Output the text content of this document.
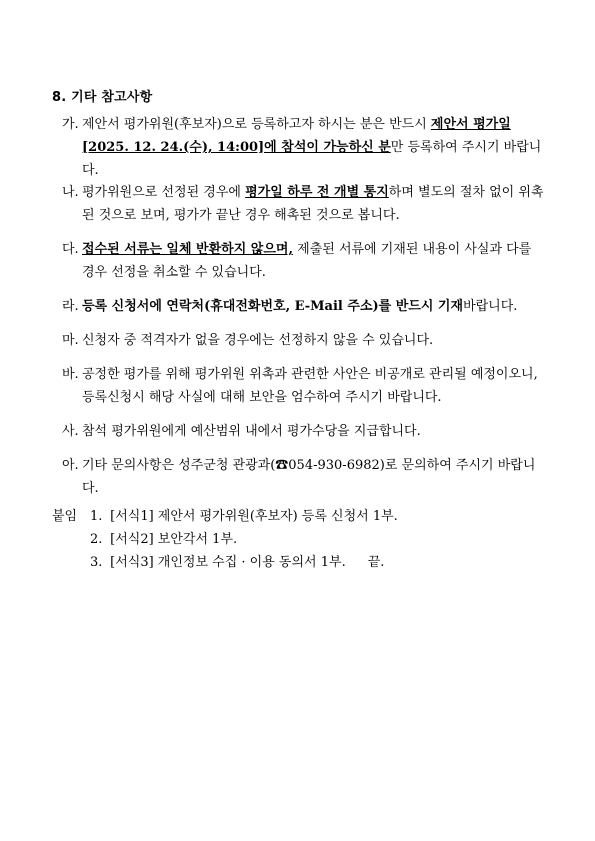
8. 기타 참고사항
가. 제안서 평가위원(후보자)으로 등록하고자 하시는 분은 반드시 제안서 평가일[2025. 12. 24.(수), 14:00]에 참석이 가능하신 분만 등록하여 주시기 바랍니다.
나. 평가위원으로 선정된 경우에 평가일 하루 전 개별 통지하며 별도의 절차 없이 위촉된 것으로 보며, 평가가 끝난 경우 해촉된 것으로 봅니다.
다. 접수된 서류는 일체 반환하지 않으며, 제출된 서류에 기재된 내용이 사실과 다를 경우 선정을 취소할 수 있습니다.
라. 등록 신청서에 연락처(휴대전화번호, E-Mail 주소)를 반드시 기재바랍니다.
마. 신청자 중 적격자가 없을 경우에는 선정하지 않을 수 있습니다.
바. 공정한 평가를 위해 평가위원 위촉과 관련한 사안은 비공개로 관리될 예정이오니, 등록신청시 해당 사실에 대해 보안을 엄수하여 주시기 바랍니다.
사. 참석 평가위원에게 예산범위 내에서 평가수당을 지급합니다.
아. 기타 문의사항은 성주군청 관광과(☎054-930-6982)로 문의하여 주시기 바랍니다.
붙임 1. [서식1] 제안서 평가위원(후보자) 등록 신청서 1부.
2. [서식2] 보안각서 1부.
3. [서식3] 개인정보 수집 · 이용 동의서 1부. 끝.
